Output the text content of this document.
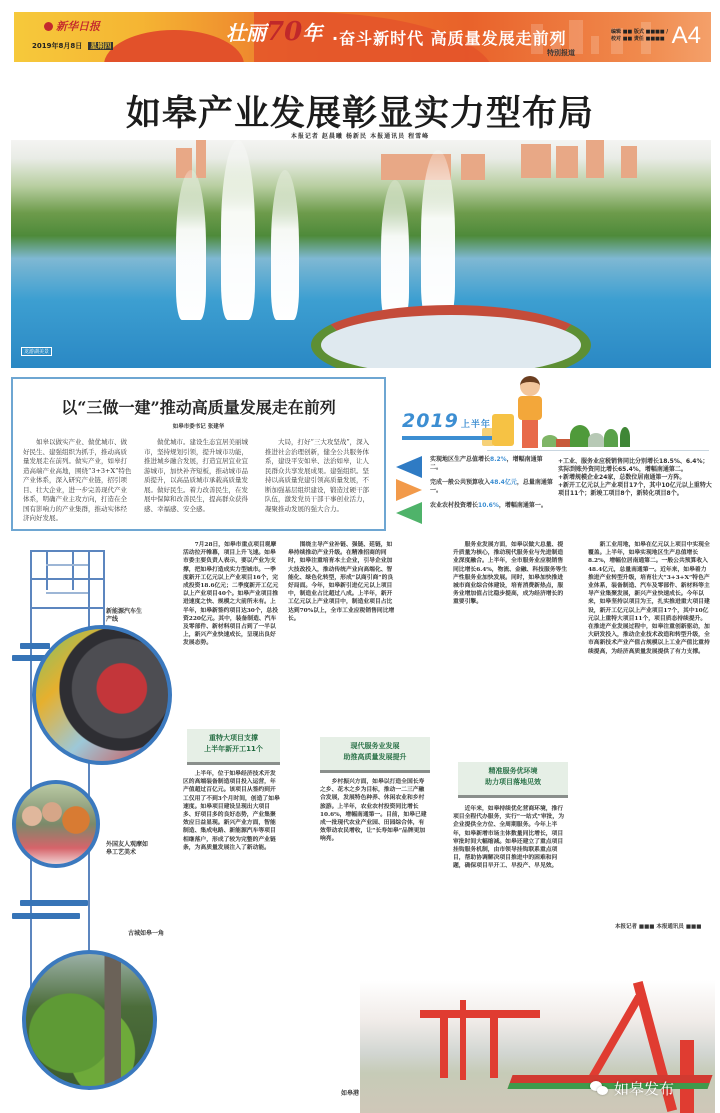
新华日报
2019年8月8日 星期四
壮丽70年 ·奋斗新时代 高质量发展走前列
特别报道
编辑 ■■ 版式 ■■■■ / 校对 ■■ 责任 ■■■■ A4
如皋产业发展彰显实力型布局
龙游湖美景
本报记者 赵晨曦 杨新民 本报通讯员 程雪峰
以“三做一建”推动高质量发展走在前列
如皋市委书记 张建华

如皋以做实产业、做优城市、做好民生、建强组织为抓手，推动高质量发展走在前列。做实产业，如皋打造高端产业高地，围绕“3+3+X”特色产业体系，深入研究产业链，招引项目、壮大企业，进一步完善现代产业体系，明确产业主攻方向，打造在全国有影响力的产业集群，推动实体经济向好发展。

做优城市。建设生态宜居美丽城市，坚持规划引领，提升城市功能，推进城乡融合发展，打造宜居宜业宜游城市，加快补齐短板，推动城市品质提升，以高品质城市承载高质量发展。做好民生。着力改善民生，在发展中保障和改善民生，提高群众获得感、幸福感、安全感。

大局，打好“三大攻坚战”，深入推进社会治理创新，健全公共服务体系，建设平安如皋、法治如皋，让人民群众共享发展成果。建强组织。坚持以高质量党建引领高质量发展，不断加强基层组织建设，锻造过硬干部队伍，激发党员干部干事创业活力，凝聚推动发展的强大合力。

2019 上半年
实现地区生产总值增长8.2%，增幅南通第二。
完成一般公共预算收入48.4亿元，总量南通第一。
农业农村投资增长10.6%，增幅南通第一。
+工业、服务业应税销售同比分别增长18.5%、6.4%；实际到账外资同比增长65.4%，增幅南通第二。
+新增规模企业24家，总数位居南通第一方阵。
+新开工亿元以上产业项目17个，其中10亿元以上重特大项目11个；新竣工项目8个，新转化项目8个。
新能源汽车生产线
外国友人观摩如皋工艺美术
古城如皋一角

7月28日，如皋市重点项目观摩活动拉开帷幕，项目上升飞速。如皋市委主要负责人表示，要以产业为支撑，把如皋打造成实力型城市。一季度新开工亿元以上产业项目16个，完成投资18.6亿元；二季度新开工亿元以上产业项目40个。如皋产业项目推进速度之快、规模之大前所未有。上半年，如皋新签约项目达30个，总投资220亿元。其中，装备制造、汽车及零部件、新材料项目占到了一半以上，新兴产业快速成长，呈现出良好发展态势。

重特大项目支撑
上半年新开工11个

上半年，位于如皋经济技术开发区的高端装备制造项目投入运营，年产值超过百亿元。该项目从签约到开工仅用了不到3个月时间，创造了如皋速度。如皋项目建设呈现出大项目多、好项目多的良好态势，产业集聚效应日益显现。新兴产业方面，智能制造、集成电路、新能源汽车等项目相继落户，形成了较为完整的产业链条，为高质量发展注入了新动能。

围绕主导产业补链、强链、延链，如皋持续推动产业升级。在精准招商的同时，如皋注重培育本土企业，引导企业加大技改投入，推动传统产业向高端化、智能化、绿色化转型，形成“以商引商”的良好局面。今年，如皋新引进亿元以上项目中，制造业占比超过八成。上半年，新开工亿元以上产业项目中，制造业项目占比达到70%以上，全市工业应税销售同比增长。

现代服务业发展
助推高质量发展提升

乡村振兴方面，如皋以打造全国长寿之乡、花木之乡为目标，推动一二三产融合发展，发展特色种养、休闲农业和乡村旅游。上半年，农业农村投资同比增长10.6%，增幅南通第一。目前，如皋已建成一批现代农业产业园、田园综合体，有效带动农民增收，让“长寿如皋”品牌更加响亮。

服务业发展方面，如皋以做大总量、提升质量为核心，推动现代服务业与先进制造业深度融合。上半年，全市服务业应税销售同比增长6.4%，物流、金融、科技服务等生产性服务业加快发展。同时，如皋加快推进城市商业综合体建设，培育消费新热点，服务业增加值占比稳步提高，成为经济增长的重要引擎。

精准服务优环境
助力项目落地见效

近年来，如皋持续优化营商环境，推行项目全程代办服务，实行“一站式”审批，为企业提供全方位、全周期服务。今年上半年，如皋新增市场主体数量同比增长，项目审批时间大幅缩减。如皋还建立了重点项目挂钩服务机制，由市领导挂钩联系重点项目，帮助协调解决项目推进中的困难和问题，确保项目早开工、早投产、早见效。

新工业用地，如皋在亿元以上项目中实现全覆盖。上半年，如皋实现地区生产总值增长8.2%，增幅位居南通第二。一般公共预算收入48.4亿元，总量南通第一。近年来，如皋着力推进产业转型升级，培育壮大“3+3+X”特色产业体系，装备制造、汽车及零部件、新材料等主导产业集聚发展，新兴产业快速成长。今年以来，如皋坚持以项目为王，扎实推进重大项目建设，新开工亿元以上产业项目17个，其中10亿元以上重特大项目11个，项目质态持续提升。在推进产业发展过程中，如皋注重创新驱动，加大研发投入，推动企业技术改造和转型升级，全市高新技术产业产值占规模以上工业产值比重持续提高，为经济高质量发展提供了有力支撑。

本报记者 ■■■ 本报通讯员 ■■■
如皋港	如皋发布
